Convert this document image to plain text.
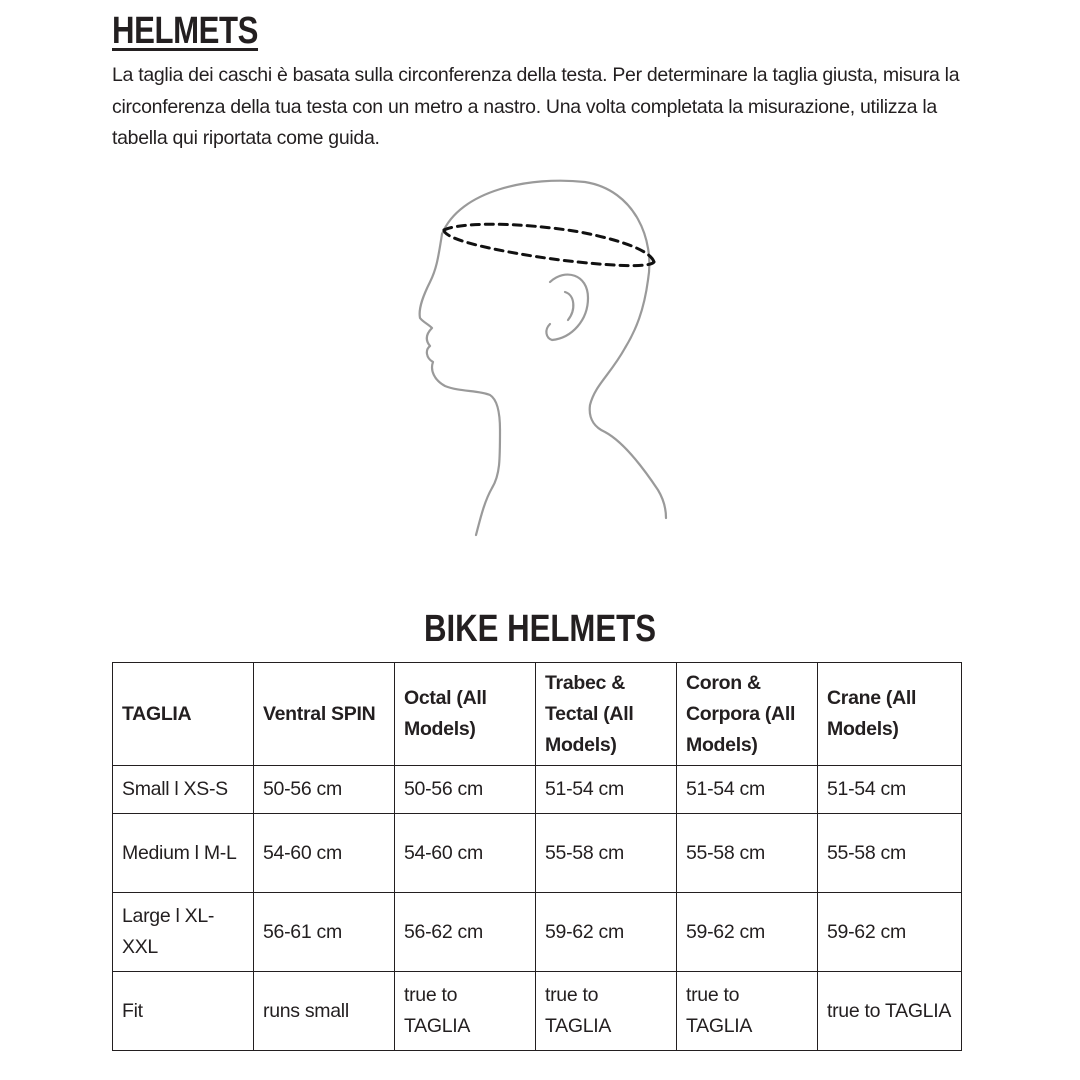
HELMETS

La taglia dei caschi è basata sulla circonferenza della testa. Per determinare la taglia giusta, misura la circonferenza della tua testa con un metro a nastro. Una volta completata la misurazione, utilizza la tabella qui riportata come guida.

BIKE HELMETS
TAGLIA	Ventral SPIN	Octal (All Models)	Trabec & Tectal (All Models)	Coron & Corpora (All Models)	Crane (All Models)
Small l XS-S	50-56 cm	50-56 cm	51-54 cm	51-54 cm	51-54 cm
Medium l M-L	54-60 cm	54-60 cm	55-58 cm	55-58 cm	55-58 cm
Large l XL-XXL	56-61 cm	56-62 cm	59-62 cm	59-62 cm	59-62 cm
Fit	runs small	true to TAGLIA	true to TAGLIA	true to TAGLIA	true to TAGLIA
